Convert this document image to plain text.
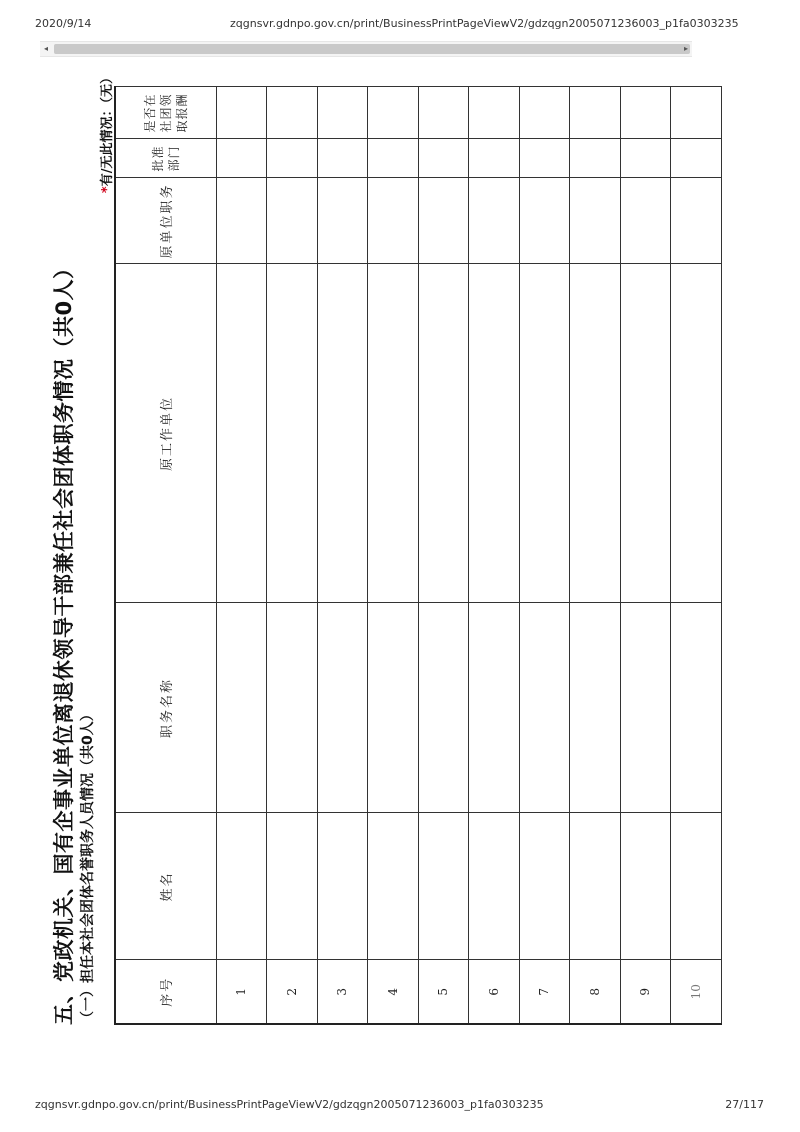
2020/9/14	zqgnsvr.gdnpo.gov.cn/print/BusinessPrintPageViewV2/gdzqgn2005071236003_p1fa0303235
◂	▸
五、党政机关、国有企事业单位离退休领导干部兼任社会团体职务情况（共0人） （一）担任本社会团体名誉职务人员情况（共0人）
*有/无此情况：（无）
序号	姓名	职务名称	原工作单位	原单位职务	批准部门	是否在社团领取报酬
1						
2						
3						
4						
5						
6						
7						
8						
9						
10						
zqgnsvr.gdnpo.gov.cn/print/BusinessPrintPageViewV2/gdzqgn2005071236003_p1fa0303235	27/117
